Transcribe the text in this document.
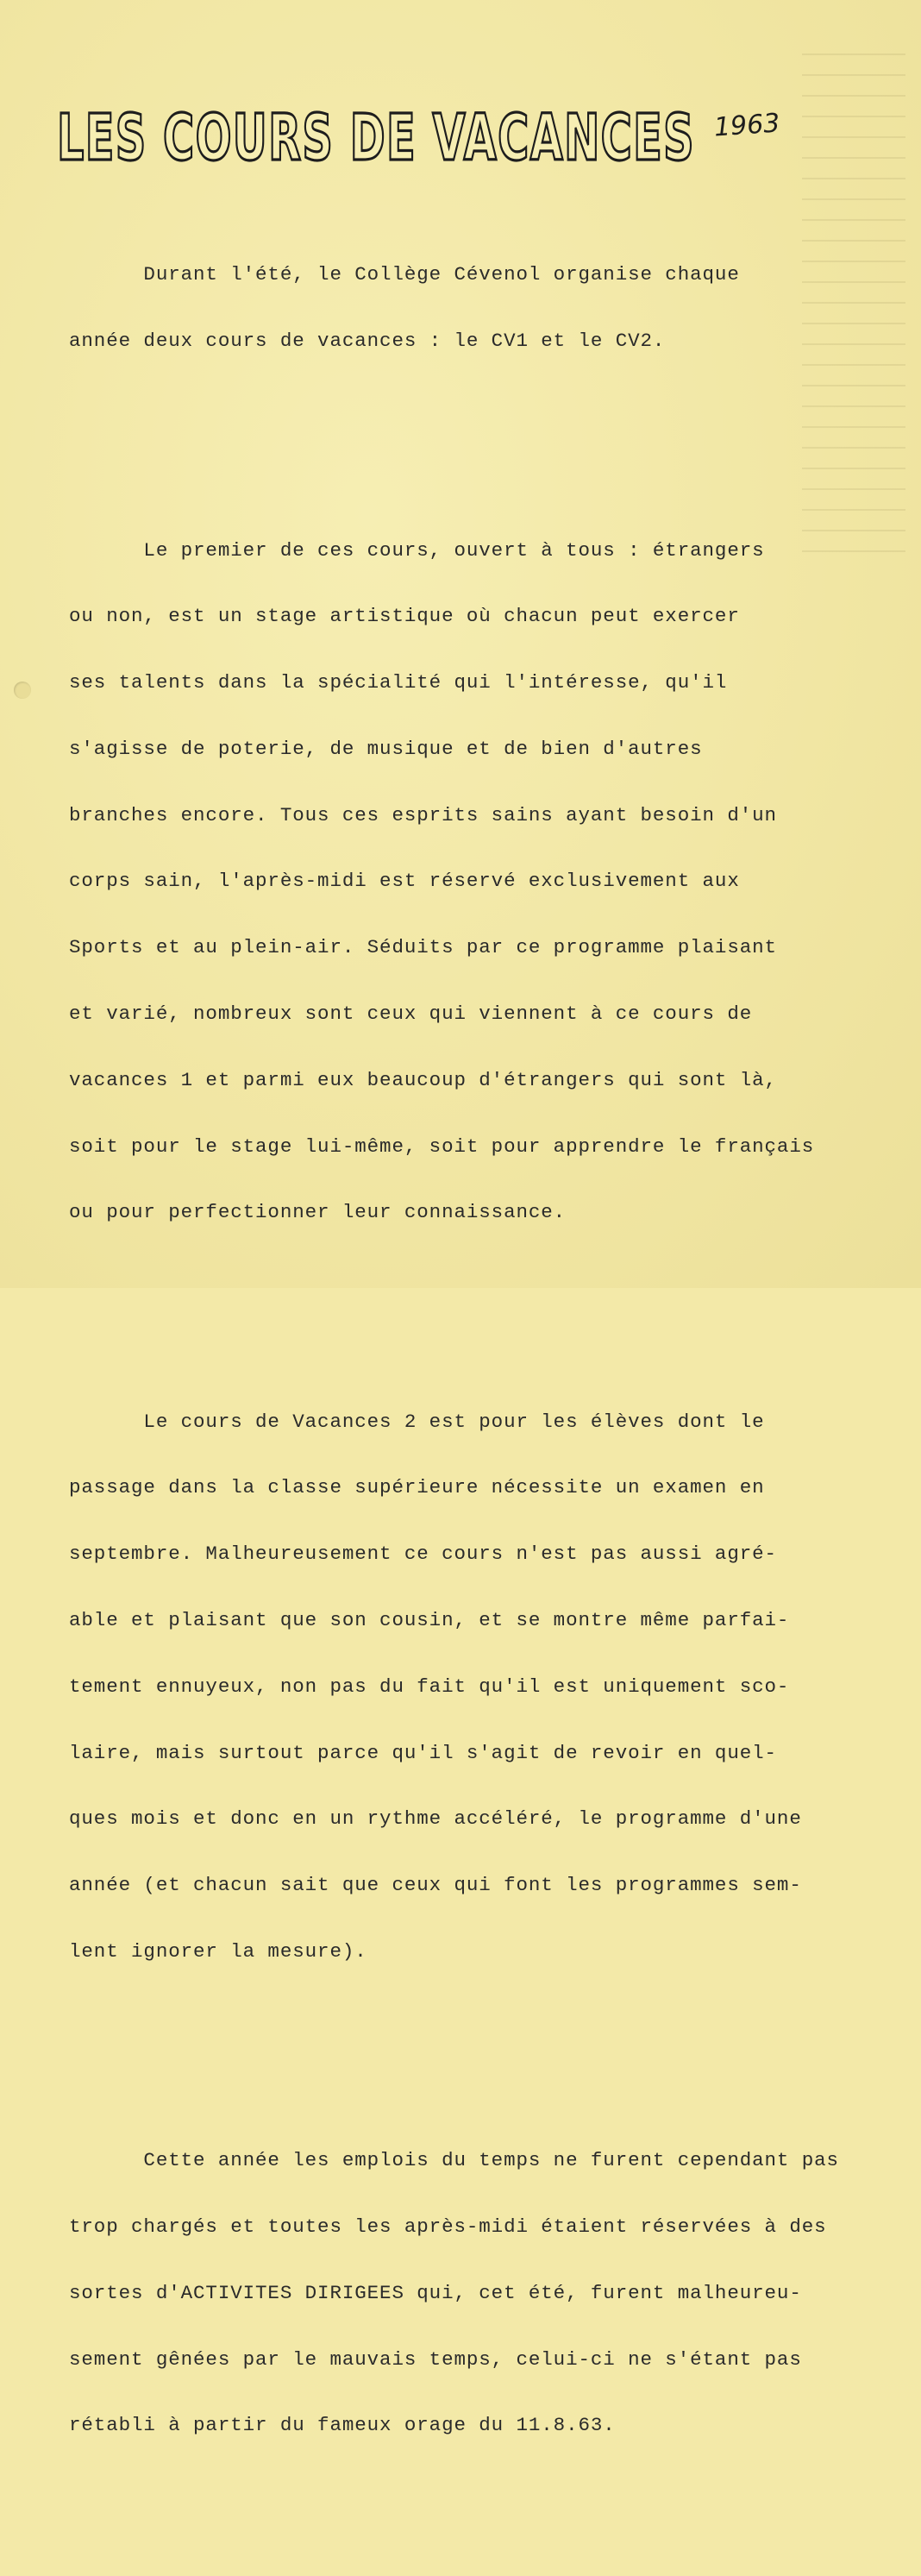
LES COURS DE VACANCES 1963

Durant l'été, le Collège Cévenol organise chaque

année deux cours de vacances : le CV1 et le CV2.

Le premier de ces cours, ouvert à tous : étrangers

ou non, est un stage artistique où chacun peut exercer

ses talents dans la spécialité qui l'intéresse, qu'il

s'agisse de poterie, de musique et de bien d'autres

branches encore. Tous ces esprits sains ayant besoin d'un

corps sain, l'après-midi est réservé exclusivement aux

Sports et au plein-air. Séduits par ce programme plaisant

et varié, nombreux sont ceux qui viennent à ce cours de

vacances 1 et parmi eux beaucoup d'étrangers qui sont là,

soit pour le stage lui-même, soit pour apprendre le français

ou pour perfectionner leur connaissance.

Le cours de Vacances 2 est pour les élèves dont le

passage dans la classe supérieure nécessite un examen en

septembre. Malheureusement ce cours n'est pas aussi agré-

able et plaisant que son cousin, et se montre même parfai-

tement ennuyeux, non pas du fait qu'il est uniquement sco-

laire, mais surtout parce qu'il s'agit de revoir en quel-

ques mois et donc en un rythme accéléré, le programme d'une

année (et chacun sait que ceux qui font les programmes sem-

lent ignorer la mesure).

Cette année les emplois du temps ne furent cependant pas

trop chargés et toutes les après-midi étaient réservées à des

sortes d'ACTIVITES DIRIGEES qui, cet été, furent malheureu-

sement gênées par le mauvais temps, celui-ci ne s'étant pas

rétabli à partir du fameux orage du 11.8.63.
